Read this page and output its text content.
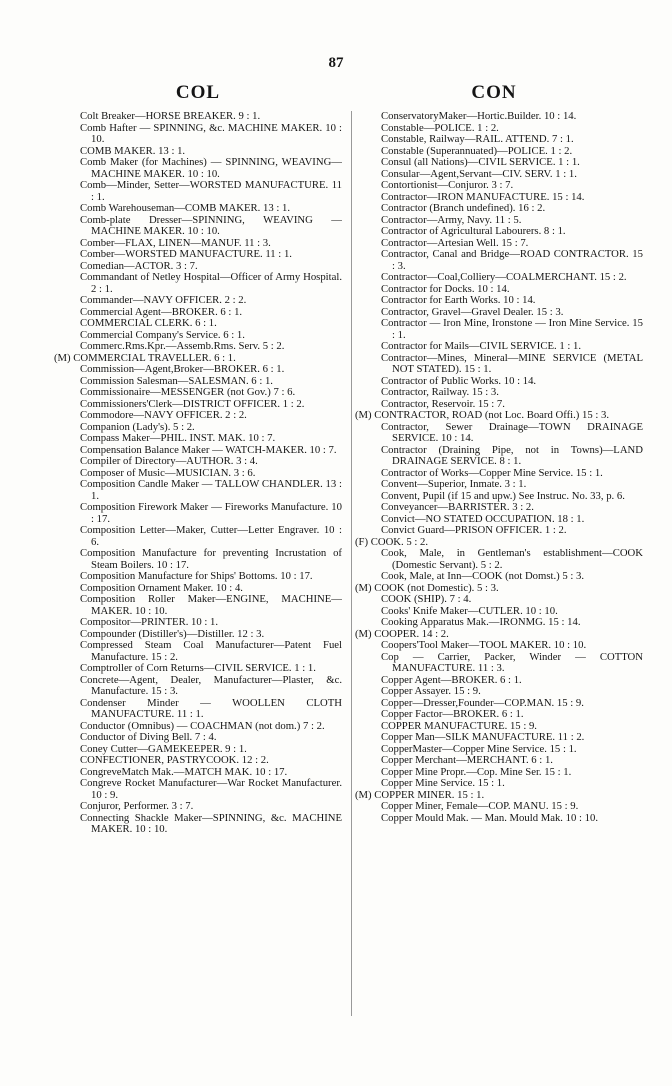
87
COL	CON
Colt Breaker—HORSE BREAKER. 9 : 1.
Comb Hafter — SPINNING, &c. MACHINE MAKER. 10 : 10.
COMB MAKER. 13 : 1.
Comb Maker (for Machines) — SPINNING, WEAVING—MACHINE MAKER. 10 : 10.
Comb—Minder, Setter—WORSTED MANUFACTURE. 11 : 1.
Comb Warehouseman—COMB MAKER. 13 : 1.
Comb-plate Dresser—SPINNING, WEAVING —MACHINE MAKER. 10 : 10.
Comber—FLAX, LINEN—MANUF. 11 : 3.
Comber—WORSTED MANUFACTURE. 11 : 1.
Comedian—ACTOR. 3 : 7.
Commandant of Netley Hospital—Officer of Army Hospital. 2 : 1.
Commander—NAVY OFFICER. 2 : 2.
Commercial Agent—BROKER. 6 : 1.
COMMERCIAL CLERK. 6 : 1.
Commercial Company's Service. 6 : 1.
Commerc.Rms.Kpr.—Assemb.Rms. Serv. 5 : 2.
(M) COMMERCIAL TRAVELLER. 6 : 1.
Commission—Agent,Broker—BROKER. 6 : 1.
Commission Salesman—SALESMAN. 6 : 1.
Commissionaire—MESSENGER (not Gov.) 7 : 6.
Commissioners'Clerk—DISTRICT OFFICER. 1 : 2.
Commodore—NAVY OFFICER. 2 : 2.
Companion (Lady's). 5 : 2.
Compass Maker—PHIL. INST. MAK. 10 : 7.
Compensation Balance Maker — WATCH-MAKER. 10 : 7.
Compiler of Directory—AUTHOR. 3 : 4.
Composer of Music—MUSICIAN. 3 : 6.
Composition Candle Maker — TALLOW CHANDLER. 13 : 1.
Composition Firework Maker — Fireworks Manufacture. 10 : 17.
Composition Letter—Maker, Cutter—Letter Engraver. 10 : 6.
Composition Manufacture for preventing Incrustation of Steam Boilers. 10 : 17.
Composition Manufacture for Ships' Bottoms. 10 : 17.
Composition Ornament Maker. 10 : 4.
Composition Roller Maker—ENGINE, MACHINE—MAKER. 10 : 10.
Compositor—PRINTER. 10 : 1.
Compounder (Distiller's)—Distiller. 12 : 3.
Compressed Steam Coal Manufacturer—Patent Fuel Manufacture. 15 : 2.
Comptroller of Corn Returns—CIVIL SERVICE. 1 : 1.
Concrete—Agent, Dealer, Manufacturer—Plaster, &c. Manufacture. 15 : 3.
Condenser Minder — WOOLLEN CLOTH MANUFACTURE. 11 : 1.
Conductor (Omnibus) — COACHMAN (not dom.) 7 : 2.
Conductor of Diving Bell. 7 : 4.
Coney Cutter—GAMEKEEPER. 9 : 1.
CONFECTIONER, PASTRYCOOK. 12 : 2.
CongreveMatch Mak.—MATCH MAK. 10 : 17.
Congreve Rocket Manufacturer—War Rocket Manufacturer. 10 : 9.
Conjuror, Performer. 3 : 7.
Connecting Shackle Maker—SPINNING, &c. MACHINE MAKER. 10 : 10.
ConservatoryMaker—Hortic.Builder. 10 : 14.
Constable—POLICE. 1 : 2.
Constable, Railway—RAIL. ATTEND. 7 : 1.
Constable (Superannuated)—POLICE. 1 : 2.
Consul (all Nations)—CIVIL SERVICE. 1 : 1.
Consular—Agent,Servant—CIV. SERV. 1 : 1.
Contortionist—Conjuror. 3 : 7.
Contractor—IRON MANUFACTURE. 15 : 14.
Contractor (Branch undefined). 16 : 2.
Contractor—Army, Navy. 11 : 5.
Contractor of Agricultural Labourers. 8 : 1.
Contractor—Artesian Well. 15 : 7.
Contractor, Canal and Bridge—ROAD CONTRACTOR. 15 : 3.
Contractor—Coal,Colliery—COALMERCHANT. 15 : 2.
Contractor for Docks. 10 : 14.
Contractor for Earth Works. 10 : 14.
Contractor, Gravel—Gravel Dealer. 15 : 3.
Contractor — Iron Mine, Ironstone — Iron Mine Service. 15 : 1.
Contractor for Mails—CIVIL SERVICE. 1 : 1.
Contractor—Mines, Mineral—MINE SERVICE (METAL NOT STATED). 15 : 1.
Contractor of Public Works. 10 : 14.
Contractor, Railway. 15 : 3.
Contractor, Reservoir. 15 : 7.
(M) CONTRACTOR, ROAD (not Loc. Board Offi.) 15 : 3.
Contractor, Sewer Drainage—TOWN DRAINAGE SERVICE. 10 : 14.
Contractor (Draining Pipe, not in Towns)—LAND DRAINAGE SERVICE. 8 : 1.
Contractor of Works—Copper Mine Service. 15 : 1.
Convent—Superior, Inmate. 3 : 1.
Convent, Pupil (if 15 and upw.) See Instruc. No. 33, p. 6.
Conveyancer—BARRISTER. 3 : 2.
Convict—NO STATED OCCUPATION. 18 : 1.
Convict Guard—PRISON OFFICER. 1 : 2.
(F) COOK. 5 : 2.
Cook, Male, in Gentleman's establishment—COOK (Domestic Servant). 5 : 2.
Cook, Male, at Inn—COOK (not Domst.) 5 : 3.
(M) COOK (not Domestic). 5 : 3.
COOK (SHIP). 7 : 4.
Cooks' Knife Maker—CUTLER. 10 : 10.
Cooking Apparatus Mak.—IRONMG. 15 : 14.
(M) COOPER. 14 : 2.
Coopers'Tool Maker—TOOL MAKER. 10 : 10.
Cop — Carrier, Packer, Winder — COTTON MANUFACTURE. 11 : 3.
Copper Agent—BROKER. 6 : 1.
Copper Assayer. 15 : 9.
Copper—Dresser,Founder—COP.MAN. 15 : 9.
Copper Factor—BROKER. 6 : 1.
COPPER MANUFACTURE. 15 : 9.
Copper Man—SILK MANUFACTURE. 11 : 2.
CopperMaster—Copper Mine Service. 15 : 1.
Copper Merchant—MERCHANT. 6 : 1.
Copper Mine Propr.—Cop. Mine Ser. 15 : 1.
Copper Mine Service. 15 : 1.
(M) COPPER MINER. 15 : 1.
Copper Miner, Female—COP. MANU. 15 : 9.
Copper Mould Mak. — Man. Mould Mak. 10 : 10.
